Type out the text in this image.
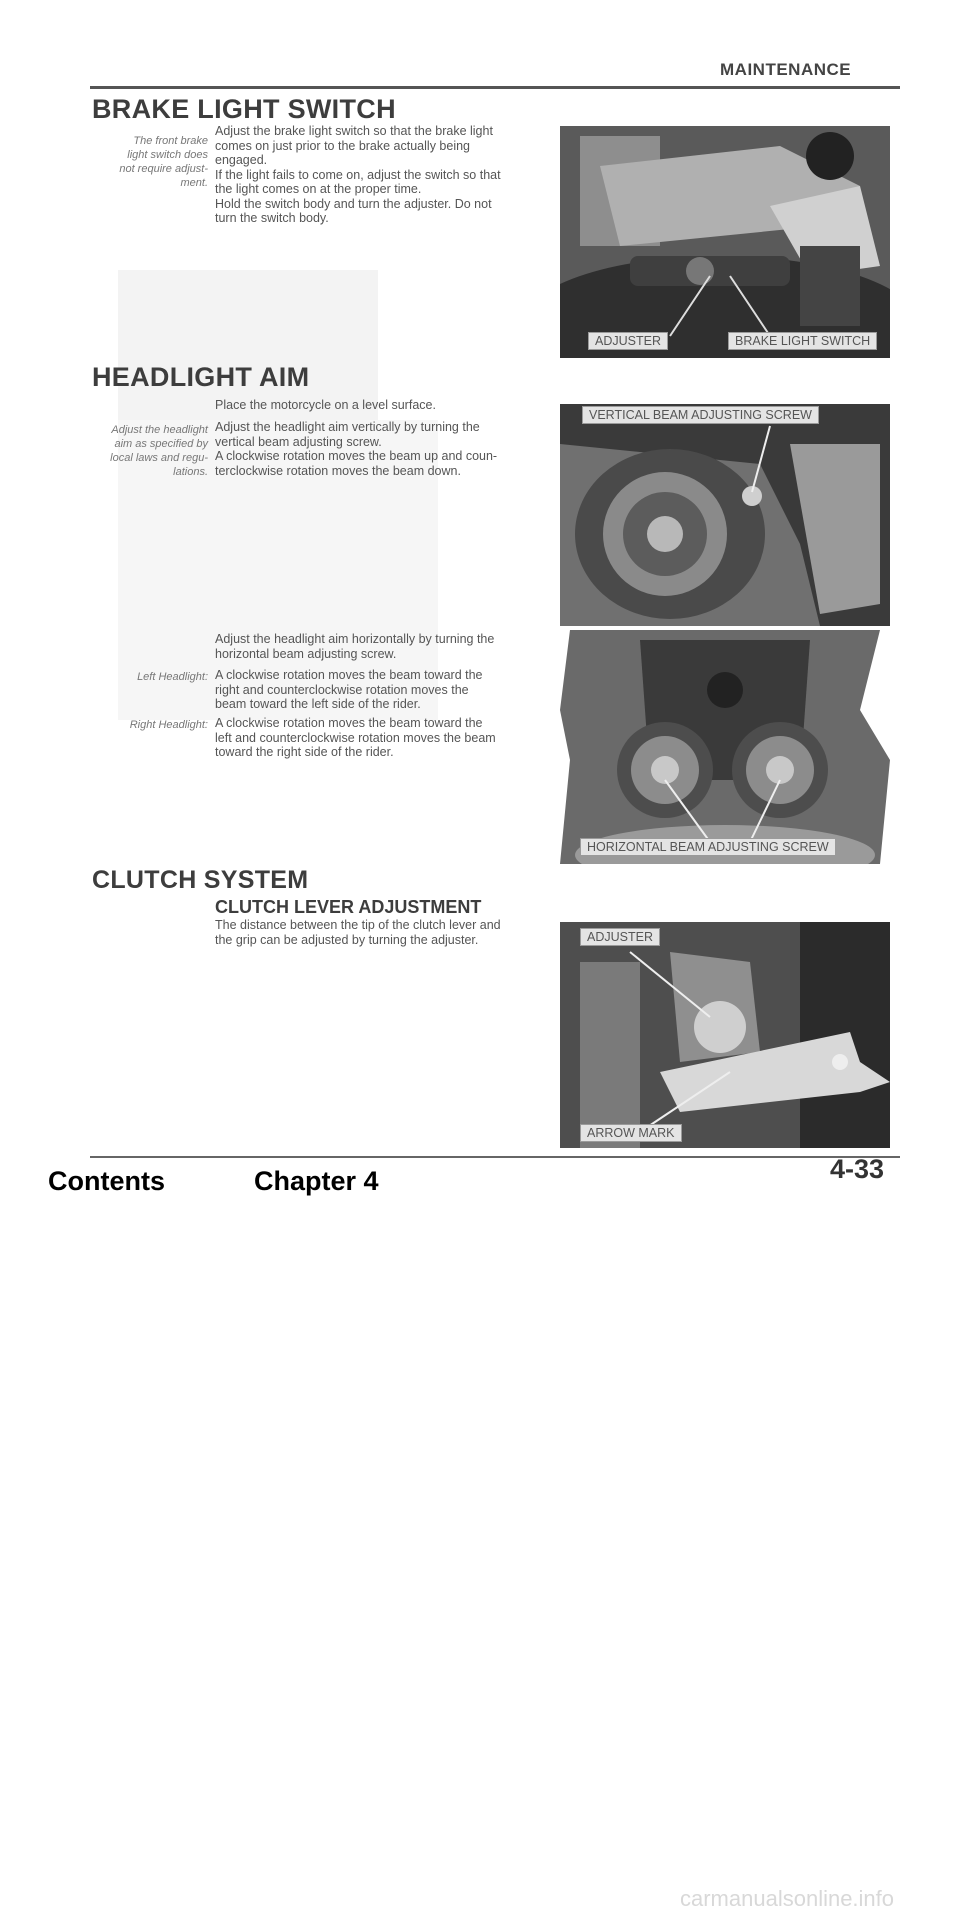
MAINTENANCE
BRAKE LIGHT SWITCH
The front brake
light switch does
not require adjust-
ment.
Adjust the brake light switch so that the brake light
comes on just prior to the brake actually being
engaged.
If the light fails to come on, adjust the switch so that
the light comes on at the proper time.
Hold the switch body and turn the adjuster. Do not
turn the switch body.
ADJUSTER	BRAKE LIGHT SWITCH
HEADLIGHT AIM
Place the motorcycle on a level surface.
Adjust the headlight
aim as specified by
local laws and regu-
lations.
Adjust the headlight aim vertically by turning the
vertical beam adjusting screw.
A clockwise rotation moves the beam up and coun-
terclockwise rotation moves the beam down.
VERTICAL BEAM ADJUSTING SCREW
Adjust the headlight aim horizontally by turning the
horizontal beam adjusting screw.
Left Headlight: A clockwise rotation moves the beam toward the
right and counterclockwise rotation moves the
beam toward the left side of the rider.
Right Headlight: A clockwise rotation moves the beam toward the
left and counterclockwise rotation moves the beam
toward the right side of the rider.
HORIZONTAL BEAM ADJUSTING SCREW
CLUTCH SYSTEM
CLUTCH LEVER ADJUSTMENT
The distance between the tip of the clutch lever and
the grip can be adjusted by turning the adjuster.	ADJUSTER
ARROW MARK
4-33
Contents	Chapter 4
carmanualsonline.info
